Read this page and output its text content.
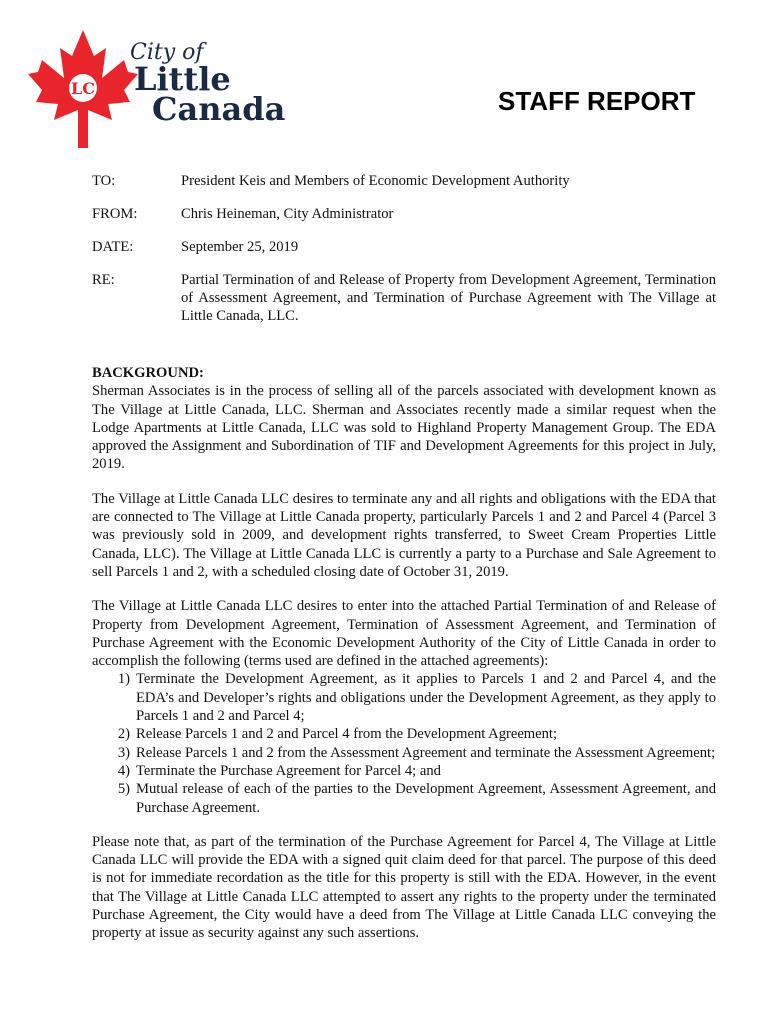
LC
City of
Little
Canada	STAFF REPORT
TO:	President Keis and Members of Economic Development Authority
FROM:	Chris Heineman, City Administrator
DATE:	September 25, 2019
RE:	Partial Termination of and Release of Property from Development Agreement, Termination of Assessment Agreement, and Termination of Purchase Agreement with The Village at Little Canada, LLC.
BACKGROUND:

Sherman Associates is in the process of selling all of the parcels associated with development known as The Village at Little Canada, LLC. Sherman and Associates recently made a similar request when the Lodge Apartments at Little Canada, LLC was sold to Highland Property Management Group. The EDA approved the Assignment and Subordination of TIF and Development Agreements for this project in July, 2019.

The Village at Little Canada LLC desires to terminate any and all rights and obligations with the EDA that are connected to The Village at Little Canada property, particularly Parcels 1 and 2 and Parcel 4 (Parcel 3 was previously sold in 2009, and development rights transferred, to Sweet Cream Properties Little Canada, LLC). The Village at Little Canada LLC is currently a party to a Purchase and Sale Agreement to sell Parcels 1 and 2, with a scheduled closing date of October 31, 2019.

The Village at Little Canada LLC desires to enter into the attached Partial Termination of and Release of Property from Development Agreement, Termination of Assessment Agreement, and Termination of Purchase Agreement with the Economic Development Authority of the City of Little Canada in order to accomplish the following (terms used are defined in the attached agreements):

1) Terminate the Development Agreement, as it applies to Parcels 1 and 2 and Parcel 4, and the EDA’s and Developer’s rights and obligations under the Development Agreement, as they apply to Parcels 1 and 2 and Parcel 4;
2) Release Parcels 1 and 2 and Parcel 4 from the Development Agreement;
3) Release Parcels 1 and 2 from the Assessment Agreement and terminate the Assessment Agreement;
4) Terminate the Purchase Agreement for Parcel 4; and
5) Mutual release of each of the parties to the Development Agreement, Assessment Agreement, and Purchase Agreement.

Please note that, as part of the termination of the Purchase Agreement for Parcel 4, The Village at Little Canada LLC will provide the EDA with a signed quit claim deed for that parcel. The purpose of this deed is not for immediate recordation as the title for this property is still with the EDA. However, in the event that The Village at Little Canada LLC attempted to assert any rights to the property under the terminated Purchase Agreement, the City would have a deed from The Village at Little Canada LLC conveying the property at issue as security against any such assertions.
